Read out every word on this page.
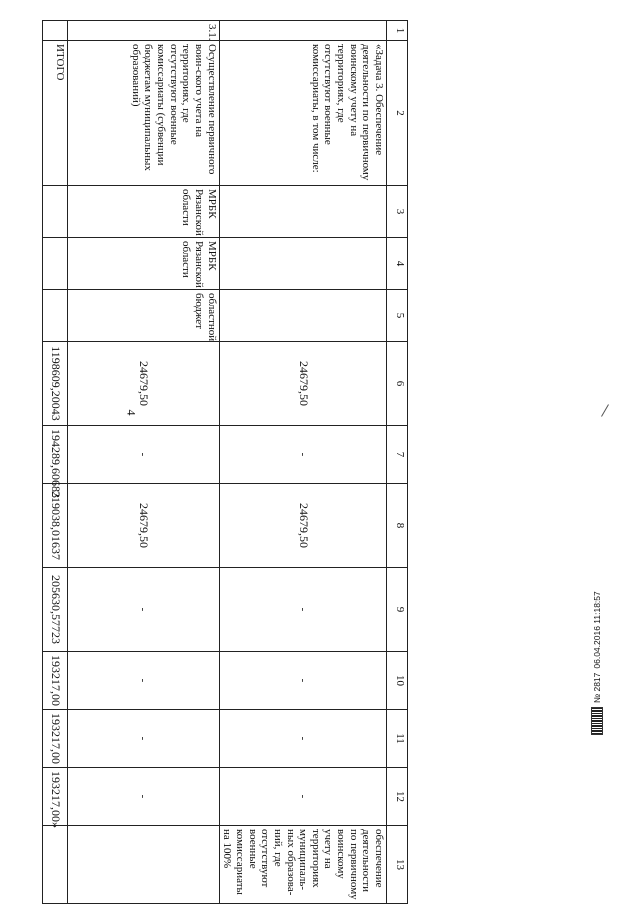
4
1	2	3	4	5	6	7	8	9	10	11	12	13
	«Задача 3. Обеспечение деятельности по первичному воинскому учету на территориях, где отсутствуют военные комиссариаты, в том числе:				24679,50	-	24679,50	-	-	-	-	обеспечение деятельности по первичному воинскому учету на территориях муниципаль-ных образова-ний, где отсутствуют военные комиссариаты на 100%
3.1.	Осуществление первичного воин-ского учета на территориях, где отсутствуют военные комиссариаты (субвенции бюджетам муниципальных образований)	МРБК Рязанской области	МРБК Рязанской области	областной бюджет	24679,50	-	24679,50	-	-	-	-	
	ИТОГО				1198609,20043	194289,60683	219038,01637	205630,57723	193217,00	193217,00	193217,00»	
№ 2817
06.04.2016 11:18:57
